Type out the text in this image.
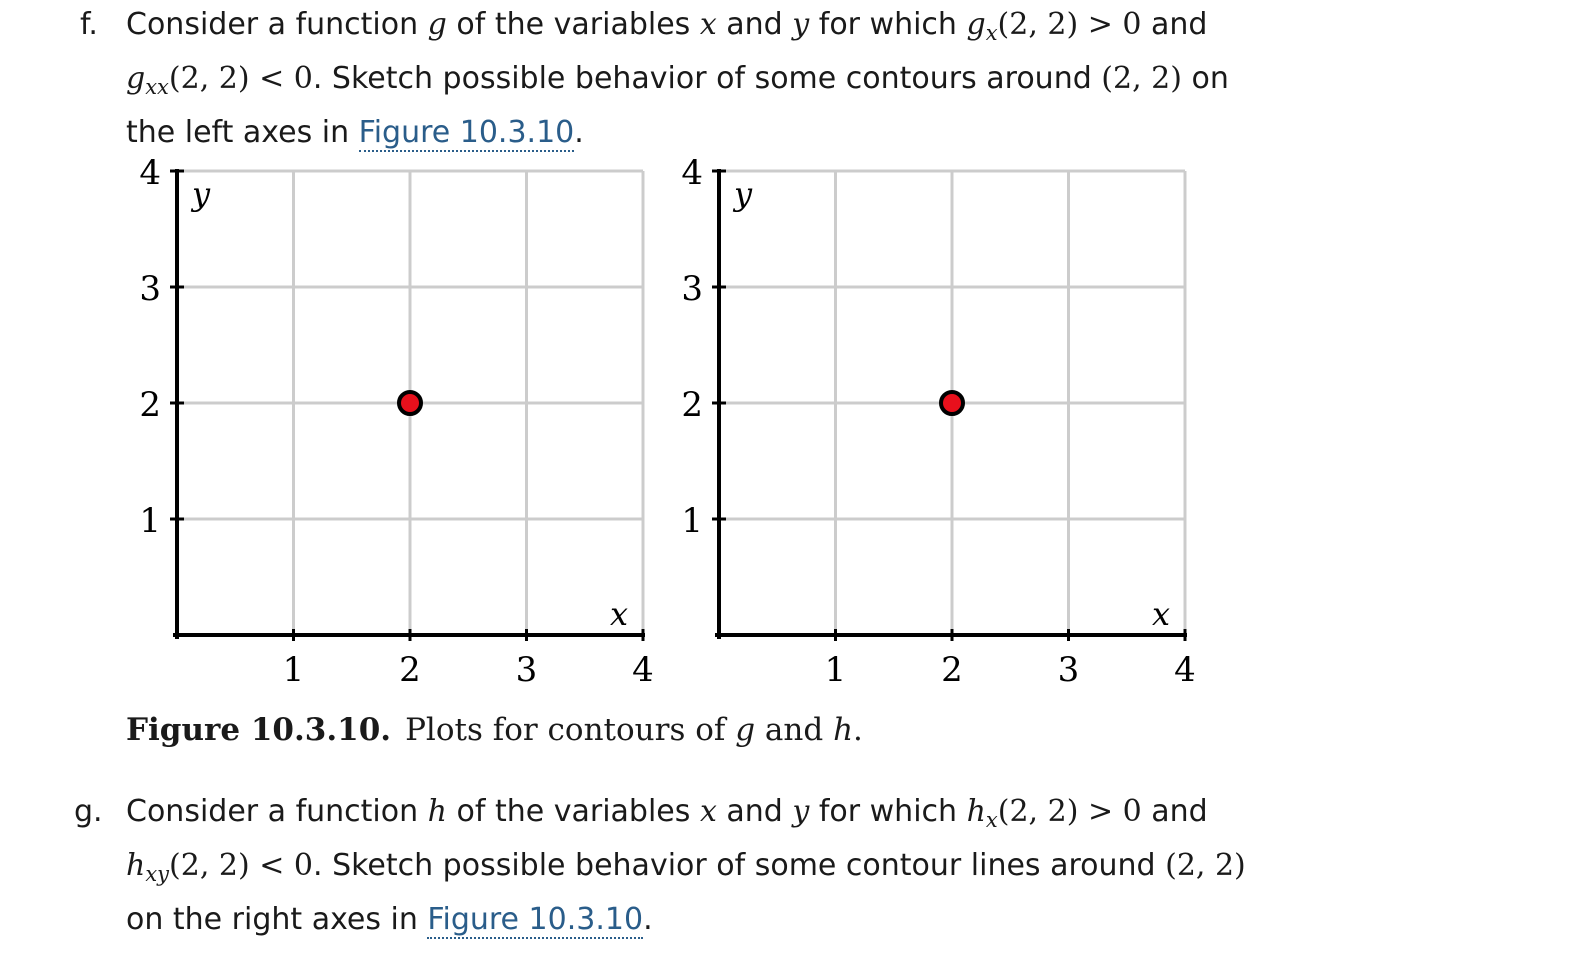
f. Consider a function g of the variables x and y for which $g_x(2$, 2) > 0 and
$g_{xx}(2$, 2) < 0. Sketch possible behavior of some contours around (2, 2) on
the left axes in Figure 10.3.10.
1	2	3	4
1
2
3
4
x
y
1	2	3	4
1
2
3
4
x
y
Figure 10.3.10. Plots for contours of g and h.
g. Consider a function h of the variables x and y for which $h_x(2$, 2) > 0 and
$h_{xy}(2$, 2) < 0. Sketch possible behavior of some contour lines around (2, 2)
on the right axes in Figure 10.3.10.
